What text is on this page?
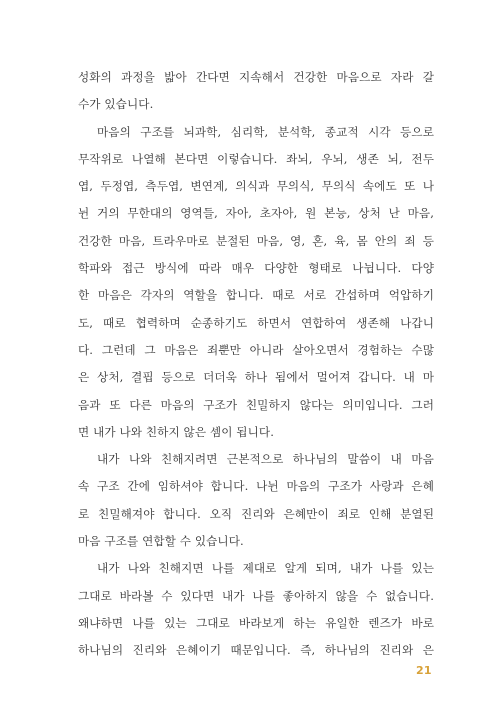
성화의 과정을 밟아 간다면 지속해서 건강한 마음으로 자라 갈
수가 있습니다.
마음의 구조를 뇌과학, 심리학, 분석학, 종교적 시각 등으로
무작위로 나열해 본다면 이렇습니다. 좌뇌, 우뇌, 생존 뇌, 전두
엽, 두정엽, 측두엽, 변연계, 의식과 무의식, 무의식 속에도 또 나
뉜 거의 무한대의 영역들, 자아, 초자아, 원 본능, 상처 난 마음,
건강한 마음, 트라우마로 분절된 마음, 영, 혼, 육, 몸 안의 죄 등
학파와 접근 방식에 따라 매우 다양한 형태로 나뉩니다. 다양
한 마음은 각자의 역할을 합니다. 때로 서로 간섭하며 억압하기
도, 때로 협력하며 순종하기도 하면서 연합하여 생존해 나갑니
다. 그런데 그 마음은 죄뿐만 아니라 살아오면서 경험하는 수많
은 상처, 결핍 등으로 더더욱 하나 됨에서 멀어져 갑니다. 내 마
음과 또 다른 마음의 구조가 친밀하지 않다는 의미입니다. 그러
면 내가 나와 친하지 않은 셈이 됩니다.
내가 나와 친해지려면 근본적으로 하나님의 말씀이 내 마음
속 구조 간에 임하셔야 합니다. 나뉜 마음의 구조가 사랑과 은혜
로 친밀해져야 합니다. 오직 진리와 은혜만이 죄로 인해 분열된
마음 구조를 연합할 수 있습니다.
내가 나와 친해지면 나를 제대로 알게 되며, 내가 나를 있는
그대로 바라볼 수 있다면 내가 나를 좋아하지 않을 수 없습니다.
왜냐하면 나를 있는 그대로 바라보게 하는 유일한 렌즈가 바로
하나님의 진리와 은혜이기 때문입니다. 즉, 하나님의 진리와 은
21
